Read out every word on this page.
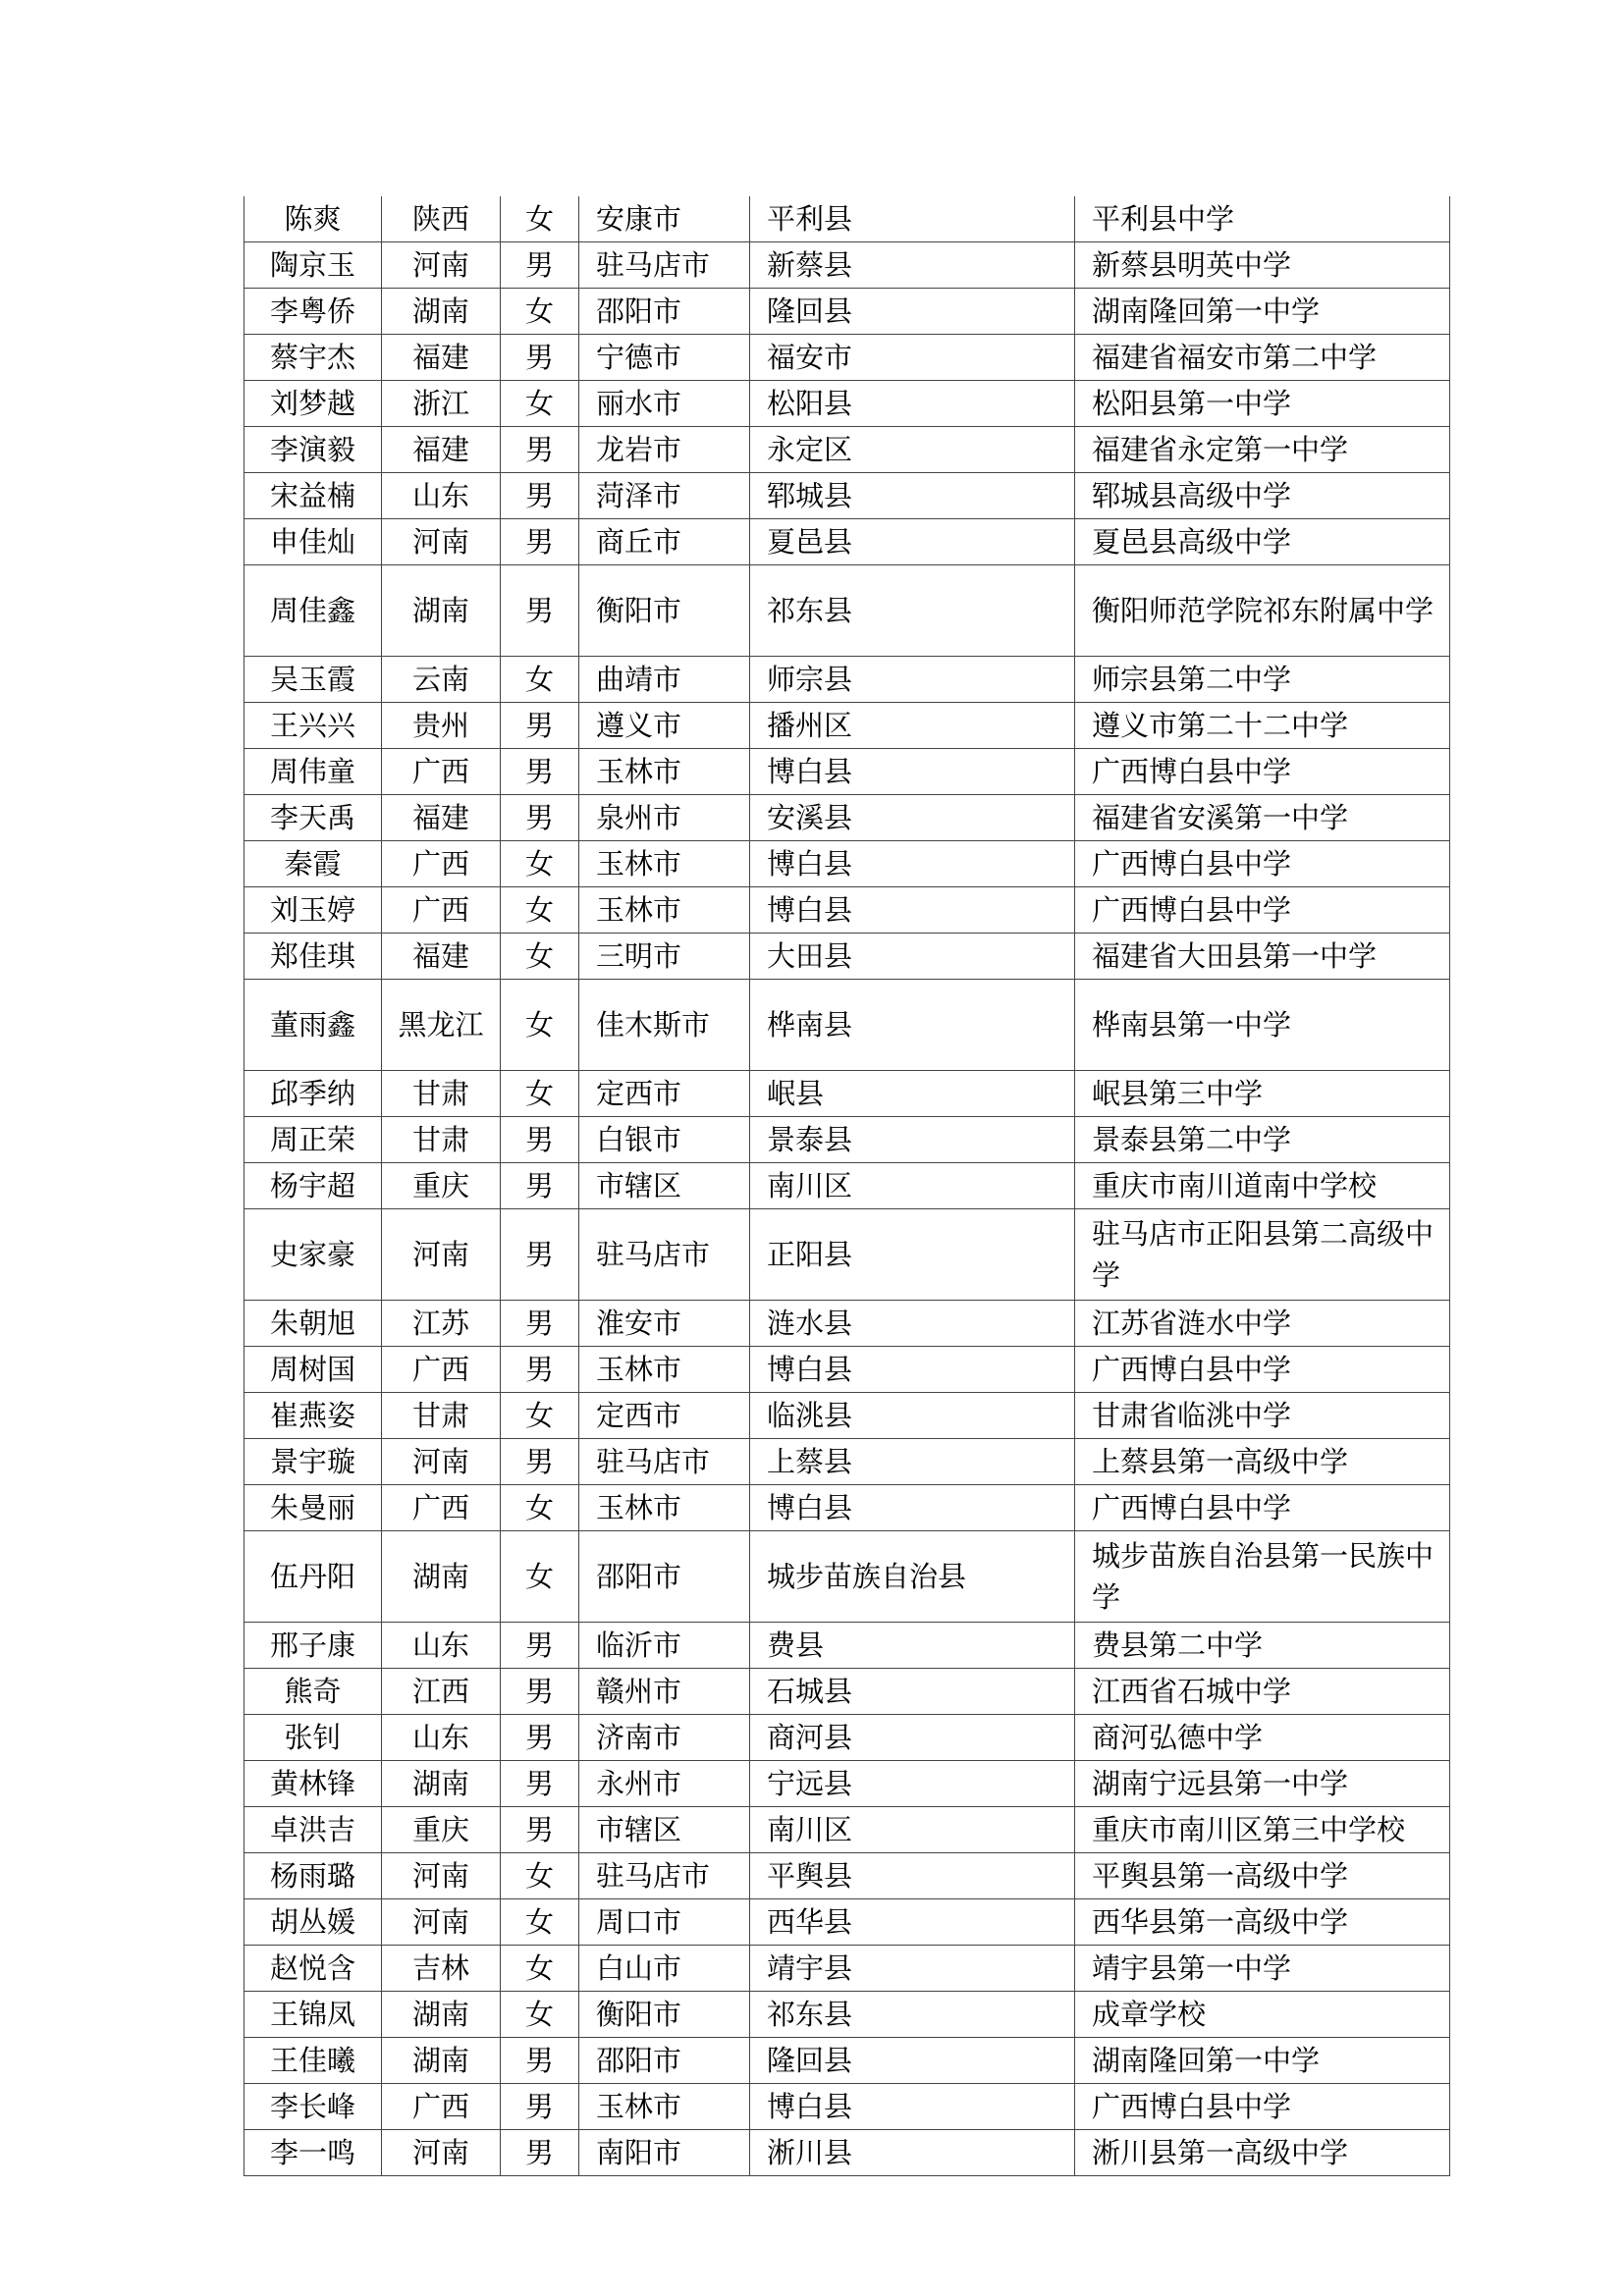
陈爽	陕西	女	安康市	平利县	平利县中学
陶京玉	河南	男	驻马店市	新蔡县	新蔡县明英中学
李粤侨	湖南	女	邵阳市	隆回县	湖南隆回第一中学
蔡宇杰	福建	男	宁德市	福安市	福建省福安市第二中学
刘梦越	浙江	女	丽水市	松阳县	松阳县第一中学
李演毅	福建	男	龙岩市	永定区	福建省永定第一中学
宋益楠	山东	男	菏泽市	郓城县	郓城县高级中学
申佳灿	河南	男	商丘市	夏邑县	夏邑县高级中学
周佳鑫	湖南	男	衡阳市	祁东县	衡阳师范学院祁东附属中学
吴玉霞	云南	女	曲靖市	师宗县	师宗县第二中学
王兴兴	贵州	男	遵义市	播州区	遵义市第二十二中学
周伟童	广西	男	玉林市	博白县	广西博白县中学
李天禹	福建	男	泉州市	安溪县	福建省安溪第一中学
秦霞	广西	女	玉林市	博白县	广西博白县中学
刘玉婷	广西	女	玉林市	博白县	广西博白县中学
郑佳琪	福建	女	三明市	大田县	福建省大田县第一中学
董雨鑫	黑龙江	女	佳木斯市	桦南县	桦南县第一中学
邱季纳	甘肃	女	定西市	岷县	岷县第三中学
周正荣	甘肃	男	白银市	景泰县	景泰县第二中学
杨宇超	重庆	男	市辖区	南川区	重庆市南川道南中学校
史家豪	河南	男	驻马店市	正阳县	驻马店市正阳县第二高级中学
朱朝旭	江苏	男	淮安市	涟水县	江苏省涟水中学
周树国	广西	男	玉林市	博白县	广西博白县中学
崔燕姿	甘肃	女	定西市	临洮县	甘肃省临洮中学
景宇璇	河南	男	驻马店市	上蔡县	上蔡县第一高级中学
朱曼丽	广西	女	玉林市	博白县	广西博白县中学
伍丹阳	湖南	女	邵阳市	城步苗族自治县	城步苗族自治县第一民族中学
邢子康	山东	男	临沂市	费县	费县第二中学
熊奇	江西	男	赣州市	石城县	江西省石城中学
张钊	山东	男	济南市	商河县	商河弘德中学
黄林锋	湖南	男	永州市	宁远县	湖南宁远县第一中学
卓洪吉	重庆	男	市辖区	南川区	重庆市南川区第三中学校
杨雨璐	河南	女	驻马店市	平舆县	平舆县第一高级中学
胡丛媛	河南	女	周口市	西华县	西华县第一高级中学
赵悦含	吉林	女	白山市	靖宇县	靖宇县第一中学
王锦凤	湖南	女	衡阳市	祁东县	成章学校
王佳曦	湖南	男	邵阳市	隆回县	湖南隆回第一中学
李长峰	广西	男	玉林市	博白县	广西博白县中学
李一鸣	河南	男	南阳市	淅川县	淅川县第一高级中学
